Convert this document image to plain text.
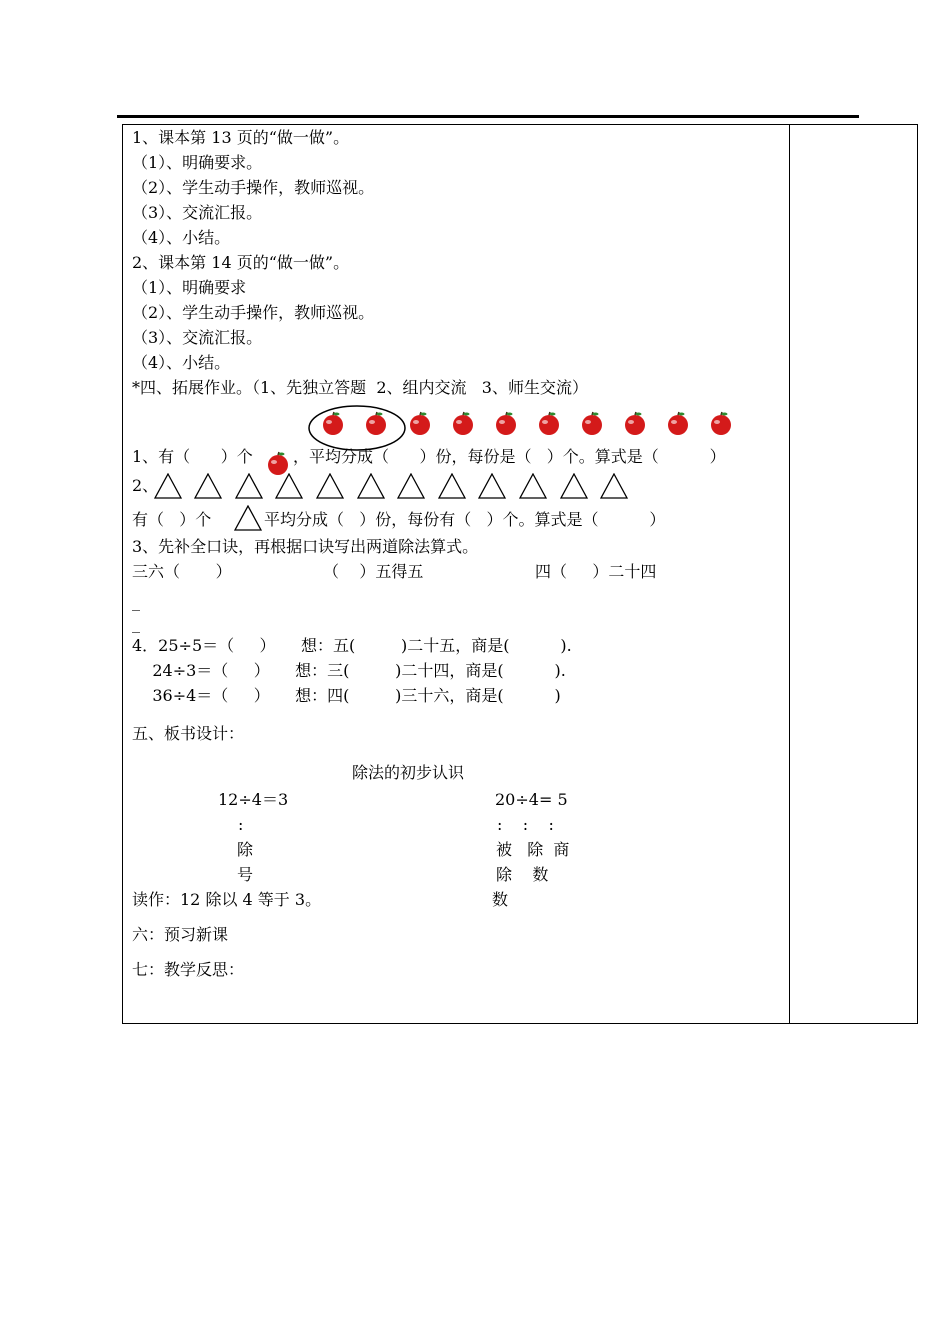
1、课本第 13 页的“做一做”。
（1）、明确要求。
（2）、学生动手操作，教师巡视。
（3）、交流汇报。
（4）、小结。
2、课本第 14 页的“做一做”。
（1）、明确要求
（2）、学生动手操作，教师巡视。
（3）、交流汇报。
（4）、小结。
*四、拓展作业。（1、先独立答题  2、组内交流   3、师生交流）
1、有（      ）个	，平均分成（      ）份，每份是（   ）个。算式是（          ）
2、
有（   ）个	平均分成（   ）份，每份有（   ）个。算式是（          ）
3、先补全口诀，再根据口诀写出两道除法算式。
三六（       ）	（    ）五得五	四（     ）二十四
_
_
4．25÷5＝（     ）     想：五(         )二十五，商是(          ).
24÷3＝（     ）     想：三(         )二十四，商是(          ).
36÷4＝（     ）     想：四(         )三十六，商是(          )
五、板书设计：
除法的初步认识
12÷4＝3	20÷4= 5
:	:    :    :
除	被   除  商
号	除    数
读作：12 除以 4 等于 3。	数
六：预习新课
七：教学反思：
